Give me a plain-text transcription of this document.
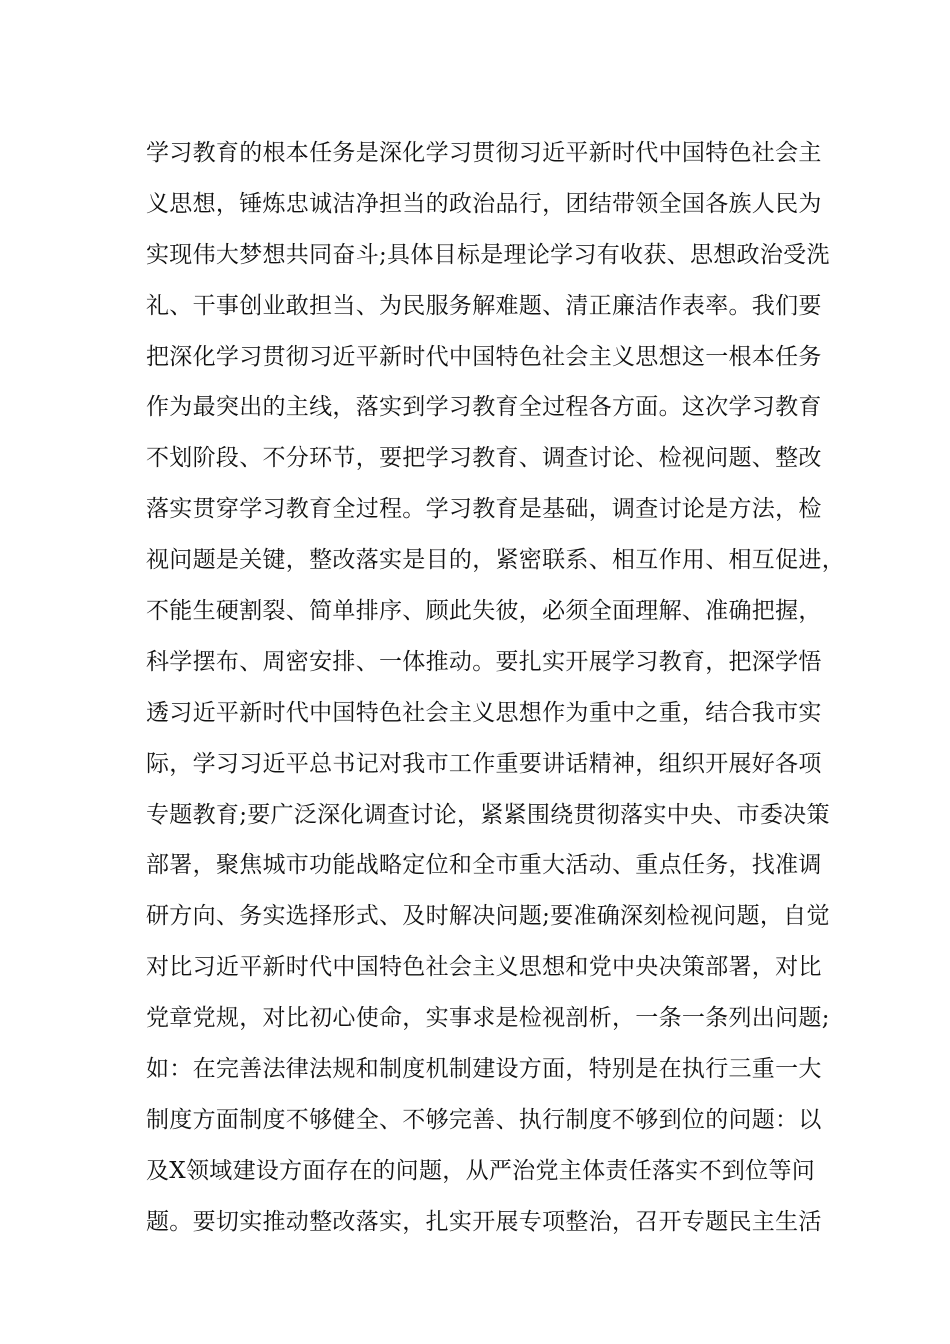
学习教育的根本任务是深化学习贯彻习近平新时代中国特色社会主
义思想，锤炼忠诚洁净担当的政治品行，团结带领全国各族人民为
实现伟大梦想共同奋斗;具体目标是理论学习有收获、思想政治受洗
礼、干事创业敢担当、为民服务解难题、清正廉洁作表率。我们要
把深化学习贯彻习近平新时代中国特色社会主义思想这一根本任务
作为最突出的主线，落实到学习教育全过程各方面。这次学习教育
不划阶段、不分环节，要把学习教育、调查讨论、检视问题、整改
落实贯穿学习教育全过程。学习教育是基础，调查讨论是方法，检
视问题是关键，整改落实是目的，紧密联系、相互作用、相互促进，
不能生硬割裂、简单排序、顾此失彼，必须全面理解、准确把握，
科学摆布、周密安排、一体推动。要扎实开展学习教育，把深学悟
透习近平新时代中国特色社会主义思想作为重中之重，结合我市实
际，学习习近平总书记对我市工作重要讲话精神，组织开展好各项
专题教育;要广泛深化调查讨论，紧紧围绕贯彻落实中央、市委决策
部署，聚焦城市功能战略定位和全市重大活动、重点任务，找准调
研方向、务实选择形式、及时解决问题;要准确深刻检视问题，自觉
对比习近平新时代中国特色社会主义思想和党中央决策部署，对比
党章党规，对比初心使命，实事求是检视剖析，一条一条列出问题;
如：在完善法律法规和制度机制建设方面，特别是在执行三重一大
制度方面制度不够健全、不够完善、执行制度不够到位的问题：以
及X领域建设方面存在的问题，从严治党主体责任落实不到位等问
题。要切实推动整改落实，扎实开展专项整治，召开专题民主生活
